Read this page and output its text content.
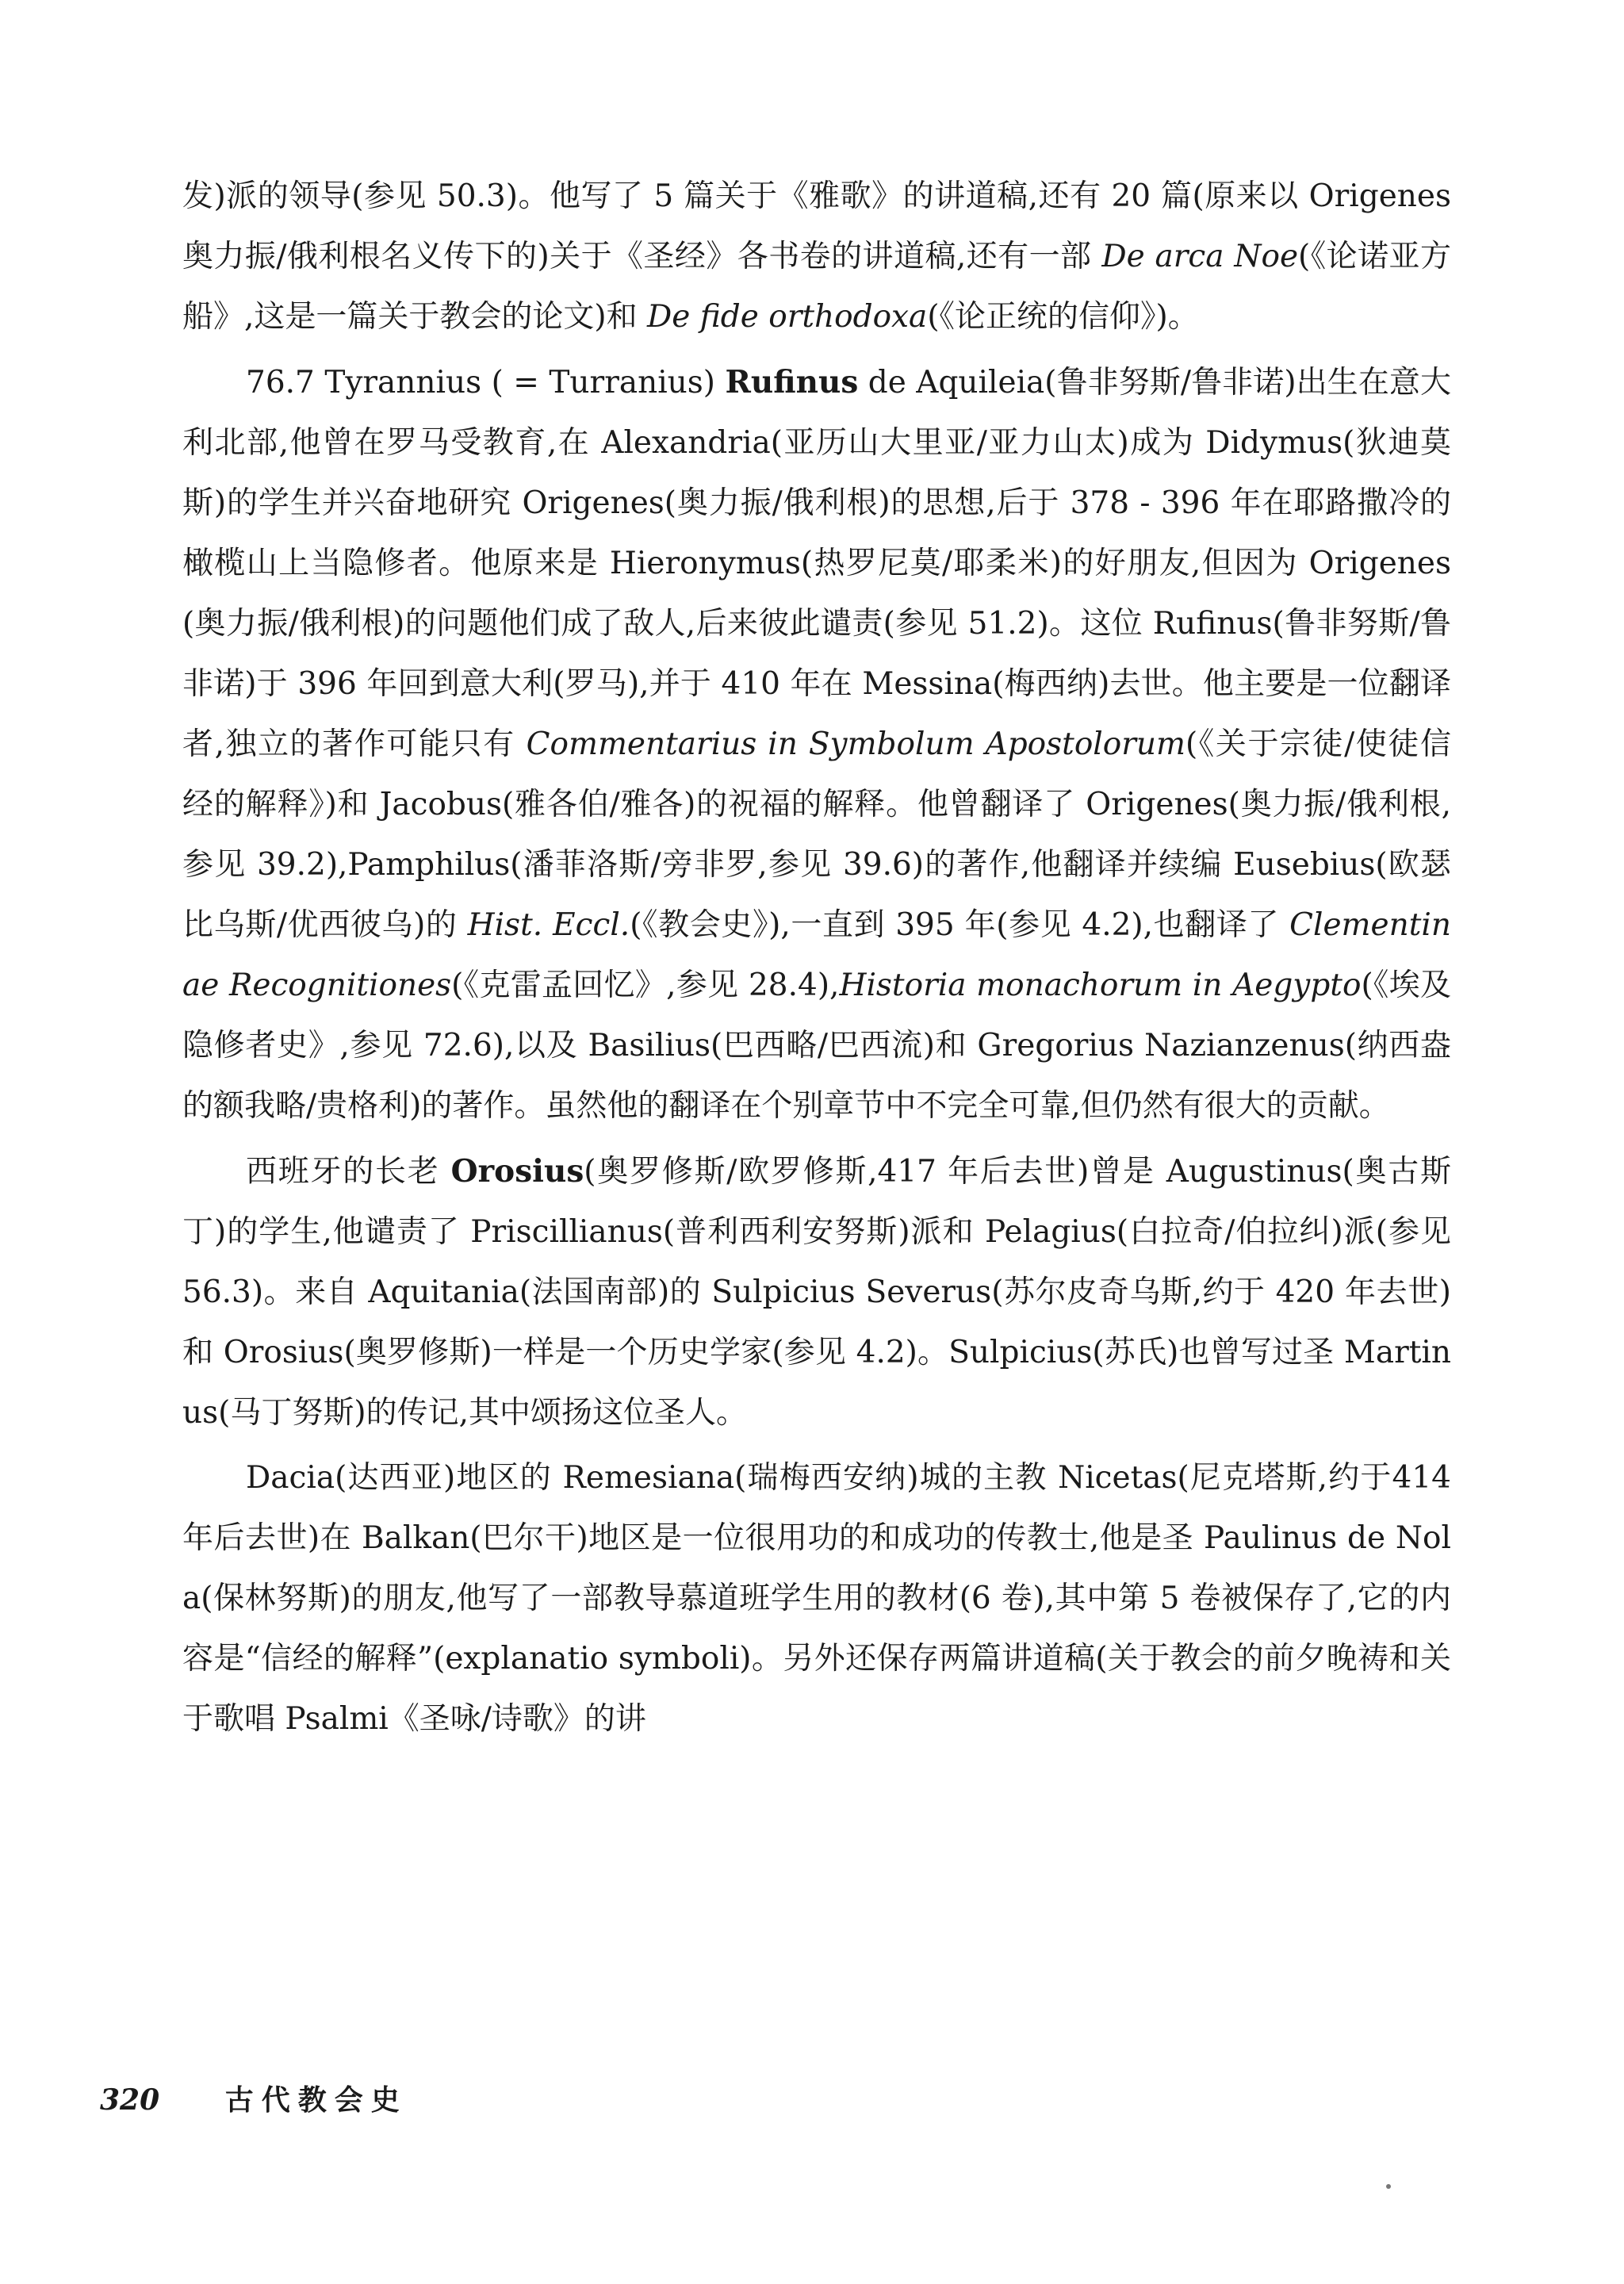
发)派的领导(参见 50.3)。他写了 5 篇关于《雅歌》的讲道稿,还有 20 篇(原来以 Origenes 奥力振/俄利根名义传下的)关于《圣经》各书卷的讲道稿,还有一部 De arca Noe(《论诺亚方船》,这是一篇关于教会的论文)和 De fide orthodoxa(《论正统的信仰》)。

76.7 Tyrannius ( = Turranius) Rufinus de Aquileia(鲁非努斯/鲁非诺)出生在意大利北部,他曾在罗马受教育,在 Alexandria(亚历山大里亚/亚力山太)成为 Didymus(狄迪莫斯)的学生并兴奋地研究 Origenes(奥力振/俄利根)的思想,后于 378 - 396 年在耶路撒冷的橄榄山上当隐修者。他原来是 Hieronymus(热罗尼莫/耶柔米)的好朋友,但因为 Origenes(奥力振/俄利根)的问题他们成了敌人,后来彼此谴责(参见 51.2)。这位 Rufinus(鲁非努斯/鲁非诺)于 396 年回到意大利(罗马),并于 410 年在 Messina(梅西纳)去世。他主要是一位翻译者,独立的著作可能只有 Commentarius in Symbolum Apostolorum(《关于宗徒/使徒信经的解释》)和 Jacobus(雅各伯/雅各)的祝福的解释。他曾翻译了 Origenes(奥力振/俄利根,参见 39.2),Pamphilus(潘菲洛斯/旁非罗,参见 39.6)的著作,他翻译并续编 Eusebius(欧瑟比乌斯/优西彼乌)的 Hist. Eccl.(《教会史》),一直到 395 年(参见 4.2),也翻译了 Clementinae Recognitiones(《克雷孟回忆》,参见 28.4),Historia monachorum in Aegypto(《埃及隐修者史》,参见 72.6),以及 Basilius(巴西略/巴西流)和 Gregorius Nazianzenus(纳西盎的额我略/贵格利)的著作。虽然他的翻译在个别章节中不完全可靠,但仍然有很大的贡献。

西班牙的长老 Orosius(奥罗修斯/欧罗修斯,417 年后去世)曾是 Augustinus(奥古斯丁)的学生,他谴责了 Priscillianus(普利西利安努斯)派和 Pelagius(白拉奇/伯拉纠)派(参见 56.3)。来自 Aquitania(法国南部)的 Sulpicius Severus(苏尔皮奇乌斯,约于 420 年去世)和 Orosius(奥罗修斯)一样是一个历史学家(参见 4.2)。Sulpicius(苏氏)也曾写过圣 Martinus(马丁努斯)的传记,其中颂扬这位圣人。

Dacia(达西亚)地区的 Remesiana(瑞梅西安纳)城的主教 Nicetas(尼克塔斯,约于414 年后去世)在 Balkan(巴尔干)地区是一位很用功的和成功的传教士,他是圣 Paulinus de Nola(保林努斯)的朋友,他写了一部教导慕道班学生用的教材(6 卷),其中第 5 卷被保存了,它的内容是“信经的解释”(explanatio symboli)。另外还保存两篇讲道稿(关于教会的前夕晚祷和关于歌唱 Psalmi《圣咏/诗歌》的讲

320 古代教会史
